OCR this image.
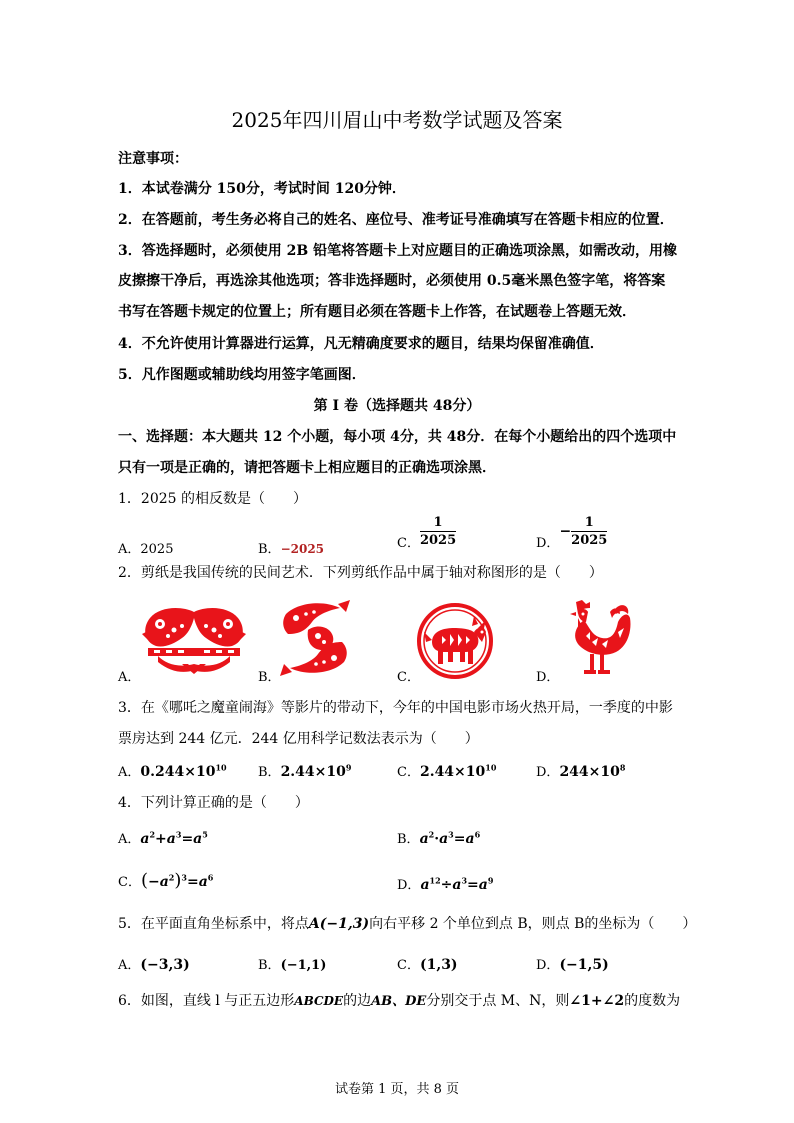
2025年四川眉山中考数学试题及答案
注意事项：
1．本试卷满分 150分，考试时间 120分钟．
2．在答题前，考生务必将自己的姓名、座位号、准考证号准确填写在答题卡相应的位置．
3．答选择题时，必须使用 2B 铅笔将答题卡上对应题目的正确选项涂黑，如需改动，用橡
皮擦擦干净后，再选涂其他选项；答非选择题时，必须使用 0.5毫米黑色签字笔，将答案
书写在答题卡规定的位置上；所有题目必须在答题卡上作答，在试题卷上答题无效．
4．不允许使用计算器进行运算，凡无精确度要求的题目，结果均保留准确值．
5．凡作图题或辅助线均用签字笔画图．
第 I 卷（选择题共 48分）
一、选择题：本大题共 12 个小题，每小项 4分，共 48分．在每个小题给出的四个选项中
只有一项是正确的，请把答题卡上相应题目的正确选项涂黑．
1．2025 的相反数是（　　）
A．2025	B．−2025	C． $\frac{1}{2025}$	D．− $\frac{1}{2025}$
2．剪纸是我国传统的民间艺术．下列剪纸作品中属于轴对称图形的是（　　）
A．	B．	C．	D．
3．在《哪吒之魔童闹海》等影片的带动下，今年的中国电影市场火热开局，一季度的中影
票房达到 244 亿元．244 亿用科学记数法表示为（　　）
A．$0.244\times 10^{10}$ B．$2.44\times 10^9$	C．$2.44\times 10^{10}$	D．$244\times 10^8$
4．下列计算正确的是（　　）
A．$a^2+a^3=a^5$	B．$a^2\cdot a^3=a^6$
C．$(-a^2)^3=a^6$
D．$a^{12}\div a^3=a^9$
5．在平面直角坐标系中，将点A(−1,3)向右平移 2 个单位到点 B，则点 B的坐标为（　　）
A．(−3,3)	B．(−1,1)	C．(1,3)	D．(−1,5)
6．如图，直线 l 与正五边形ABCDE的边AB、DE分别交于点 M、N，则∠1+∠2的度数为
试卷第 1 页，共 8 页
